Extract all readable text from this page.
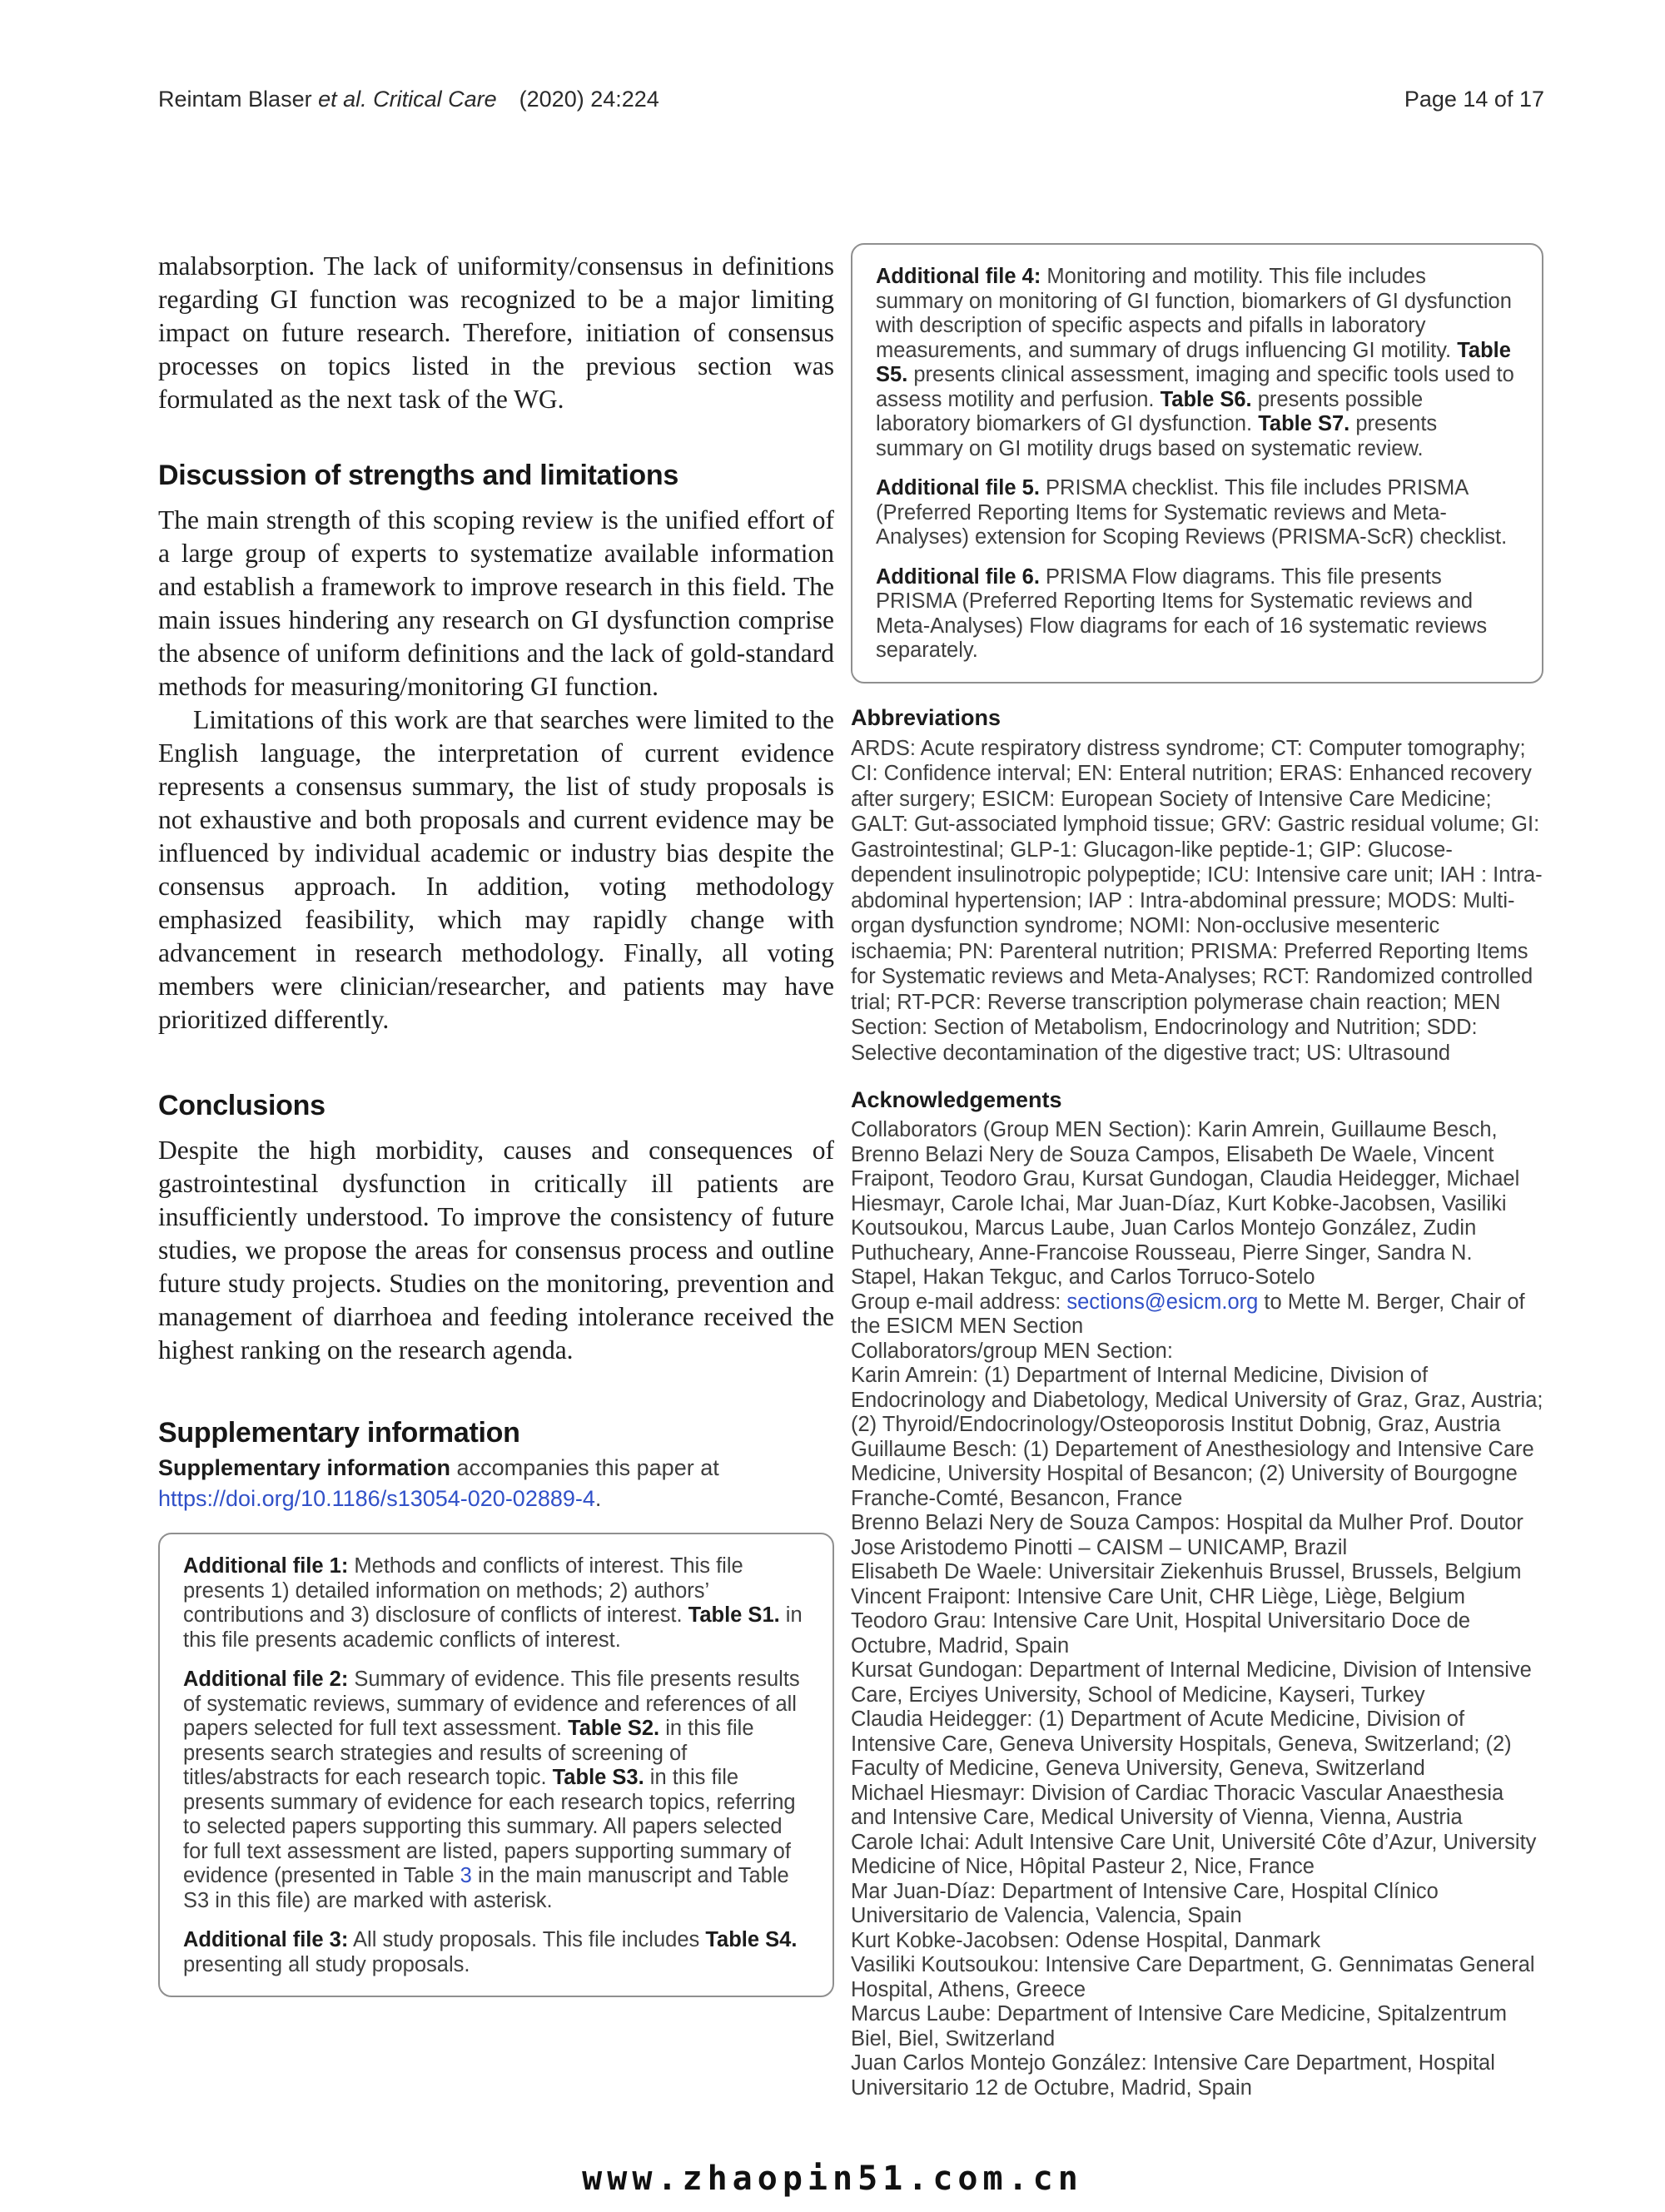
Reintam Blaser et al. Critical Care (2020) 24:224	Page 14 of 17

malabsorption. The lack of uniformity/consensus in definitions regarding GI function was recognized to be a major limiting impact on future research. Therefore, initiation of consensus processes on topics listed in the previous section was formulated as the next task of the WG.

Discussion of strengths and limitations

The main strength of this scoping review is the unified effort of a large group of experts to systematize available information and establish a framework to improve research in this field. The main issues hindering any research on GI dysfunction comprise the absence of uniform definitions and the lack of gold-standard methods for measuring/monitoring GI function.

Limitations of this work are that searches were limited to the English language, the interpretation of current evidence represents a consensus summary, the list of study proposals is not exhaustive and both proposals and current evidence may be influenced by individual academic or industry bias despite the consensus approach. In addition, voting methodology emphasized feasibility, which may rapidly change with advancement in research methodology. Finally, all voting members were clinician/researcher, and patients may have prioritized differently.

Conclusions

Despite the high morbidity, causes and consequences of gastrointestinal dysfunction in critically ill patients are insufficiently understood. To improve the consistency of future studies, we propose the areas for consensus process and outline future study projects. Studies on the monitoring, prevention and management of diarrhoea and feeding intolerance received the highest ranking on the research agenda.

Supplementary information

Supplementary information accompanies this paper at https://doi.org/10.1186/s13054-020-02889-4.

Additional file 1: Methods and conflicts of interest. This file presents 1) detailed information on methods; 2) authors’ contributions and 3) disclosure of conflicts of interest. Table S1. in this file presents academic conflicts of interest.

Additional file 2: Summary of evidence. This file presents results of systematic reviews, summary of evidence and references of all papers selected for full text assessment. Table S2. in this file presents search strategies and results of screening of titles/abstracts for each research topic. Table S3. in this file presents summary of evidence for each research topics, referring to selected papers supporting this summary. All papers selected for full text assessment are listed, papers supporting summary of evidence (presented in Table 3 in the main manuscript and Table S3 in this file) are marked with asterisk.

Additional file 3: All study proposals. This file includes Table S4. presenting all study proposals.

Additional file 4: Monitoring and motility. This file includes summary on monitoring of GI function, biomarkers of GI dysfunction with description of specific aspects and pifalls in laboratory measurements, and summary of drugs influencing GI motility. Table S5. presents clinical assessment, imaging and specific tools used to assess motility and perfusion. Table S6. presents possible laboratory biomarkers of GI dysfunction. Table S7. presents summary on GI motility drugs based on systematic review.

Additional file 5. PRISMA checklist. This file includes PRISMA (Preferred Reporting Items for Systematic reviews and Meta-Analyses) extension for Scoping Reviews (PRISMA-ScR) checklist.

Additional file 6. PRISMA Flow diagrams. This file presents PRISMA (Preferred Reporting Items for Systematic reviews and Meta-Analyses) Flow diagrams for each of 16 systematic reviews separately.

Abbreviations

ARDS: Acute respiratory distress syndrome; CT: Computer tomography; CI: Confidence interval; EN: Enteral nutrition; ERAS: Enhanced recovery after surgery; ESICM: European Society of Intensive Care Medicine; GALT: Gut-associated lymphoid tissue; GRV: Gastric residual volume; GI: Gastrointestinal; GLP-1: Glucagon-like peptide-1; GIP: Glucose-dependent insulinotropic polypeptide; ICU: Intensive care unit; IAH : Intra-abdominal hypertension; IAP : Intra-abdominal pressure; MODS: Multi-organ dysfunction syndrome; NOMI: Non-occlusive mesenteric ischaemia; PN: Parenteral nutrition; PRISMA: Preferred Reporting Items for Systematic reviews and Meta-Analyses; RCT: Randomized controlled trial; RT-PCR: Reverse transcription polymerase chain reaction; MEN Section: Section of Metabolism, Endocrinology and Nutrition; SDD: Selective decontamination of the digestive tract; US: Ultrasound

Acknowledgements
Collaborators (Group MEN Section): Karin Amrein, Guillaume Besch, Brenno Belazi Nery de Souza Campos, Elisabeth De Waele, Vincent Fraipont, Teodoro Grau, Kursat Gundogan, Claudia Heidegger, Michael Hiesmayr, Carole Ichai, Mar Juan-Díaz, Kurt Kobke-Jacobsen, Vasiliki Koutsoukou, Marcus Laube, Juan Carlos Montejo González, Zudin Puthucheary, Anne-Francoise Rousseau, Pierre Singer, Sandra N. Stapel, Hakan Tekguc, and Carlos Torruco-Sotelo
Group e-mail address: sections@esicm.org to Mette M. Berger, Chair of the ESICM MEN Section
Collaborators/group MEN Section:
Karin Amrein: (1) Department of Internal Medicine, Division of Endocrinology and Diabetology, Medical University of Graz, Graz, Austria; (2) Thyroid/Endocrinology/Osteoporosis Institut Dobnig, Graz, Austria
Guillaume Besch: (1) Departement of Anesthesiology and Intensive Care Medicine, University Hospital of Besancon; (2) University of Bourgogne Franche-Comté, Besancon, France
Brenno Belazi Nery de Souza Campos: Hospital da Mulher Prof. Doutor Jose Aristodemo Pinotti – CAISM – UNICAMP, Brazil
Elisabeth De Waele: Universitair Ziekenhuis Brussel, Brussels, Belgium
Vincent Fraipont: Intensive Care Unit, CHR Liège, Liège, Belgium
Teodoro Grau: Intensive Care Unit, Hospital Universitario Doce de Octubre, Madrid, Spain
Kursat Gundogan: Department of Internal Medicine, Division of Intensive Care, Erciyes University, School of Medicine, Kayseri, Turkey
Claudia Heidegger: (1) Department of Acute Medicine, Division of Intensive Care, Geneva University Hospitals, Geneva, Switzerland; (2) Faculty of Medicine, Geneva University, Geneva, Switzerland
Michael Hiesmayr: Division of Cardiac Thoracic Vascular Anaesthesia and Intensive Care, Medical University of Vienna, Vienna, Austria
Carole Ichai: Adult Intensive Care Unit, Université Côte d’Azur, University Medicine of Nice, Hôpital Pasteur 2, Nice, France
Mar Juan-Díaz: Department of Intensive Care, Hospital Clínico Universitario de Valencia, Valencia, Spain
Kurt Kobke-Jacobsen: Odense Hospital, Danmark
Vasiliki Koutsoukou: Intensive Care Department, G. Gennimatas General Hospital, Athens, Greece
Marcus Laube: Department of Intensive Care Medicine, Spitalzentrum Biel, Biel, Switzerland
Juan Carlos Montejo González: Intensive Care Department, Hospital Universitario 12 de Octubre, Madrid, Spain
www.zhaopin51.com.cn
